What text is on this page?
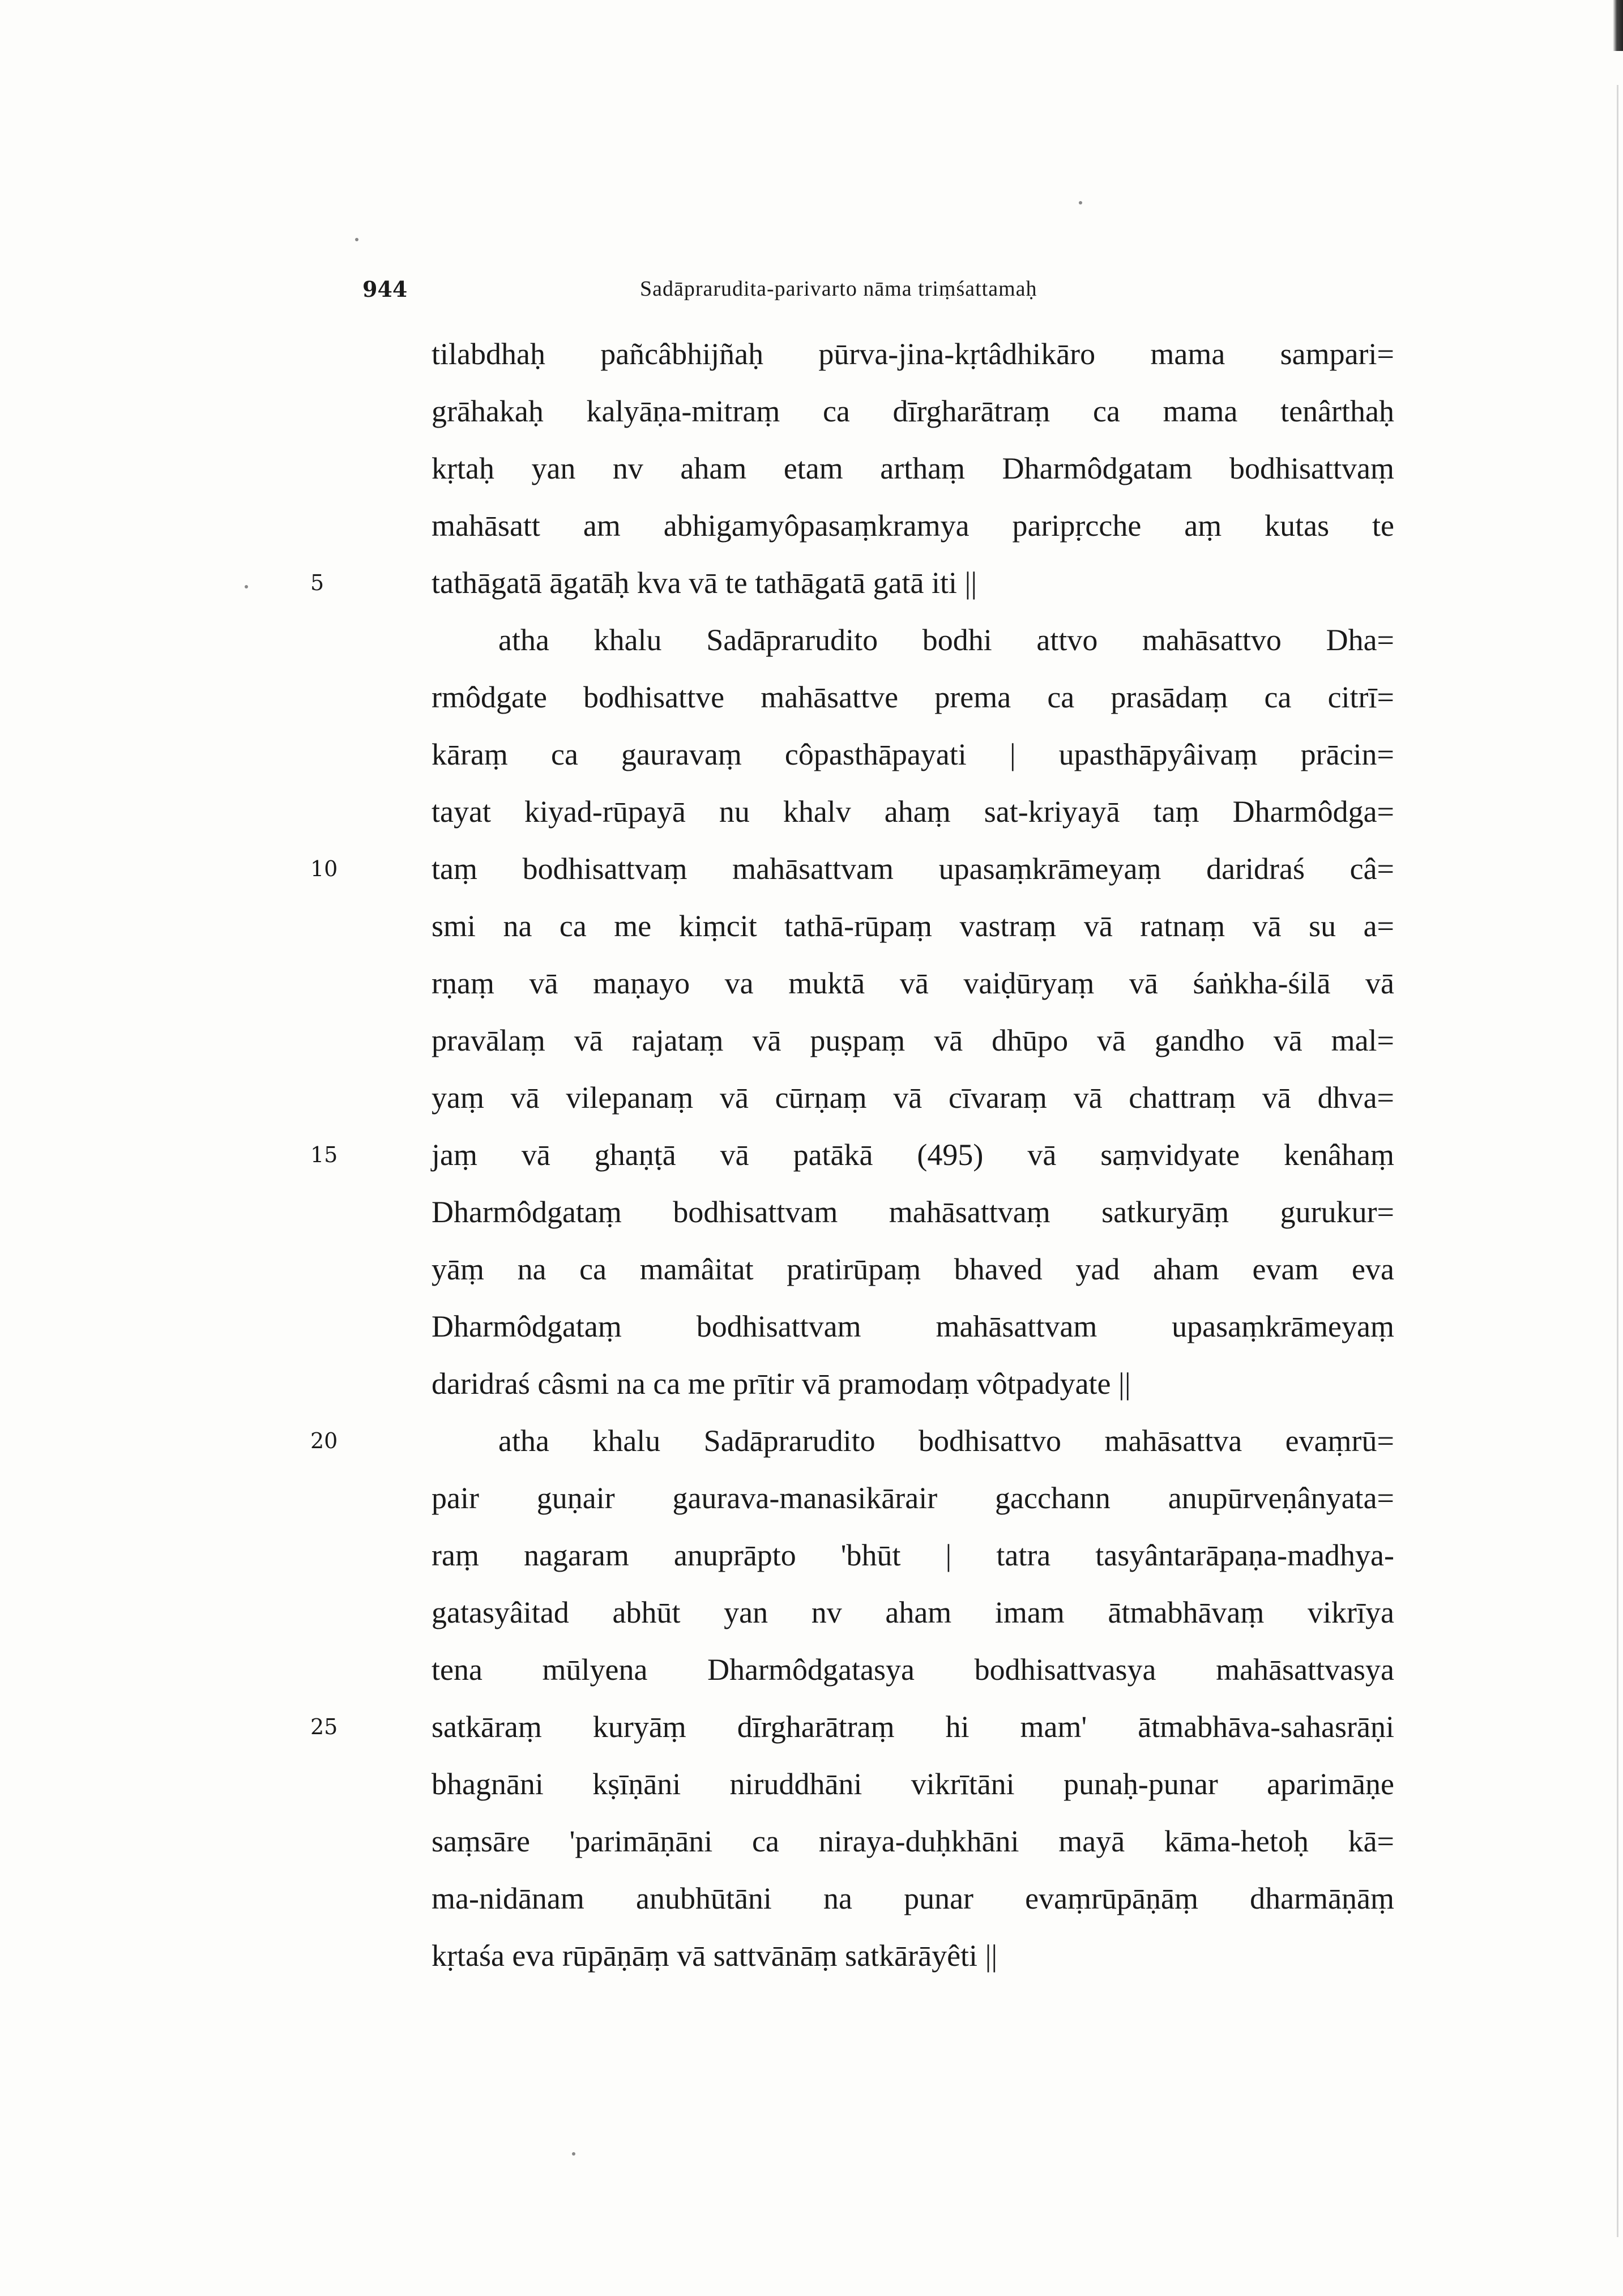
944	Sadāprarudita-parivarto nāma triṃśattamaḥ
5
10
15
20
25
tilabdhaḥ pañcâbhijñaḥ pūrva-jina-kṛtâdhikāro mama sampari=
grāhakaḥ kalyāṇa-mitraṃ ca dīrgharātraṃ ca mama tenârthaḥ
kṛtaḥ yan nv aham etam arthaṃ Dharmôdgatam bodhisattvaṃ
mahāsatt am abhigamyôpasaṃkramya paripṛcche aṃ kutas te
tathāgatā āgatāḥ kva vā te tathāgatā gatā iti ||
atha khalu Sadāprarudito bodhi attvo mahāsattvo Dha=
rmôdgate bodhisattve mahāsattve prema ca prasādaṃ ca citrī=
kāraṃ ca gauravaṃ côpasthāpayati | upasthāpyâivaṃ prācin=
tayat kiyad-rūpayā nu khalv ahaṃ sat-kriyayā taṃ Dharmôdga=
taṃ bodhisattvaṃ mahāsattvam upasaṃkrāmeyaṃ daridraś câ=
smi na ca me kiṃcit tathā-rūpaṃ vastraṃ vā ratnaṃ vā su a=
rṇaṃ vā maṇayo va muktā vā vaiḍūryaṃ vā śaṅkha-śilā vā
pravālaṃ vā rajataṃ vā puṣpaṃ vā dhūpo vā gandho vā mal=
yaṃ vā vilepanaṃ vā cūrṇaṃ vā cīvaraṃ vā chattraṃ vā dhva=
jaṃ vā ghaṇṭā vā patākā (495) vā saṃvidyate kenâhaṃ
Dharmôdgataṃ bodhisattvam mahāsattvaṃ satkuryāṃ gurukur=
yāṃ na ca mamâitat pratirūpaṃ bhaved yad aham evam eva
Dharmôdgataṃ bodhisattvam mahāsattvam upasaṃkrāmeyaṃ
daridraś câsmi na ca me prītir vā pramodaṃ vôtpadyate ||
atha khalu Sadāprarudito bodhisattvo mahāsattva evaṃrū=
pair guṇair gaurava-manasikārair gacchann anupūrveṇânyata=
raṃ nagaram anuprāpto 'bhūt | tatra tasyântarāpaṇa-madhya-
gatasyâitad abhūt yan nv aham imam ātmabhāvaṃ vikrīya
tena mūlyena Dharmôdgatasya bodhisattvasya mahāsattvasya
satkāraṃ kuryāṃ dīrgharātraṃ hi mam' ātmabhāva-sahasrāṇi
bhagnāni kṣīṇāni niruddhāni vikrītāni punaḥ-punar aparimāṇe
saṃsāre 'parimāṇāni ca niraya-duḥkhāni mayā kāma-hetoḥ kā=
ma-nidānam anubhūtāni na punar evaṃrūpāṇāṃ dharmāṇāṃ
kṛtaśa eva rūpāṇāṃ vā sattvānāṃ satkārāyêti ||
